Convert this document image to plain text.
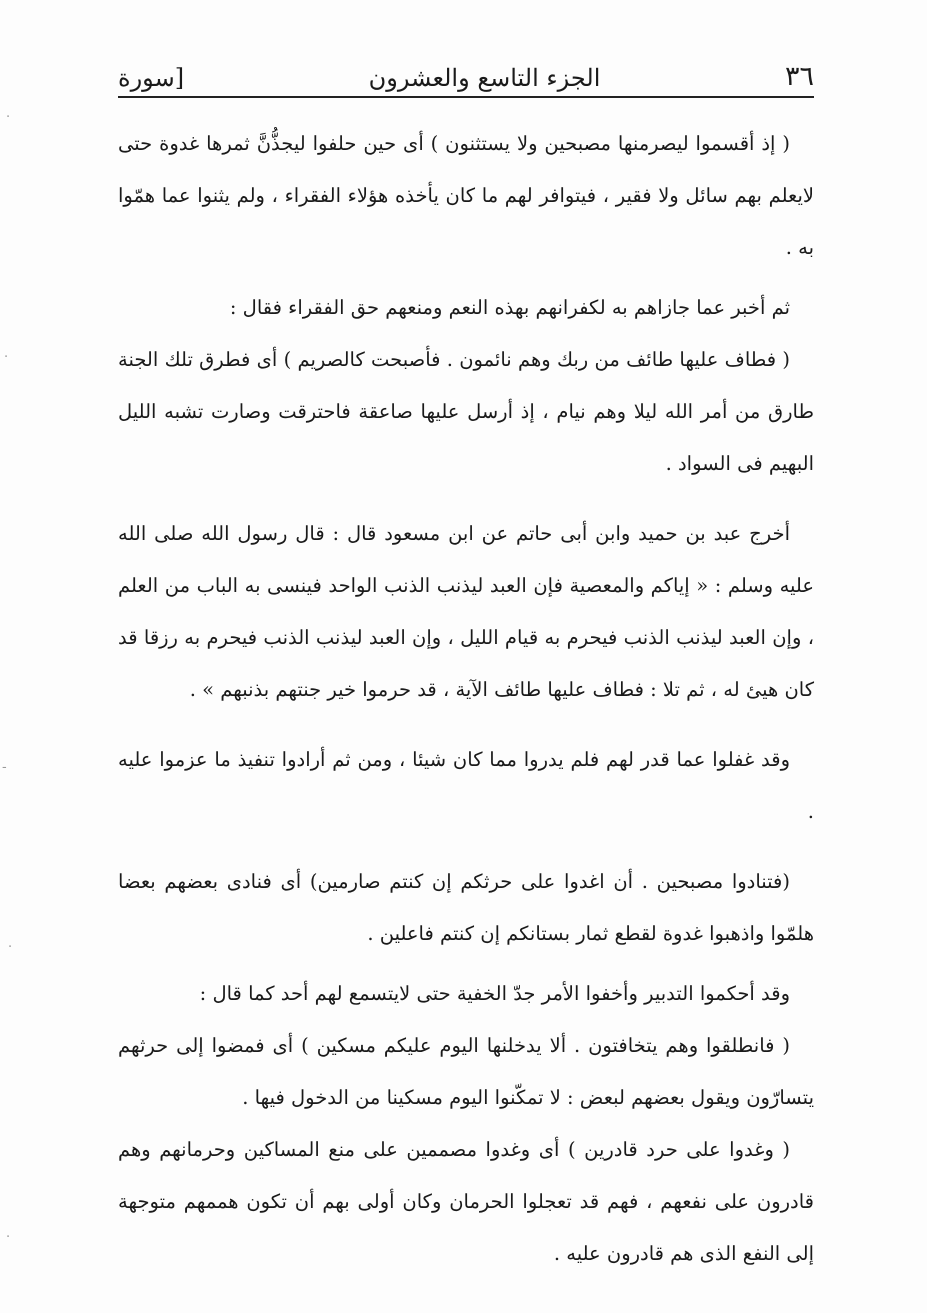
٣٦
الجزء التاسع والعشرون
[سورة

( إذ أقسموا ليصرمنها مصبحين ولا يستثنون ) أى حين حلفوا ليجذُّنَّ ثمرها غدوة حتى لايعلم بهم سائل ولا فقير ، فيتوافر لهم ما كان يأخذه هؤلاء الفقراء ، ولم يثنوا عما همّوا به .

ثم أخبر عما جازاهم به لكفرانهم بهذه النعم ومنعهم حق الفقراء فقال :

( فطاف عليها طائف من ربك وهم نائمون . فأصبحت كالصريم ) أى فطرق تلك الجنة طارق من أمر الله ليلا وهم نيام ، إذ أرسل عليها صاعقة فاحترقت وصارت تشبه الليل البهيم فى السواد .

أخرج عبد بن حميد وابن أبى حاتم عن ابن مسعود قال : قال رسول الله صلى الله عليه وسلم : « إياكم والمعصية فإن العبد ليذنب الذنب الواحد فينسى به الباب من العلم ، وإن العبد ليذنب الذنب فيحرم به قيام الليل ، وإن العبد ليذنب الذنب فيحرم به رزقا قد كان هيئ له ، ثم تلا : فطاف عليها طائف الآية ، قد حرموا خير جنتهم بذنبهم » .

وقد غفلوا عما قدر لهم فلم يدروا مما كان شيئا ، ومن ثم أرادوا تنفيذ ما عزموا عليه .

(فتنادوا مصبحين . أن اغدوا على حرثكم إن كنتم صارمين) أى فنادى بعضهم بعضا هلمّوا واذهبوا غدوة لقطع ثمار بستانكم إن كنتم فاعلين .

وقد أحكموا التدبير وأخفوا الأمر جدّ الخفية حتى لايتسمع لهم أحد كما قال :

( فانطلقوا وهم يتخافتون . ألا يدخلنها اليوم عليكم مسكين ) أى فمضوا إلى حرثهم يتسارّون ويقول بعضهم لبعض : لا تمكّنوا اليوم مسكينا من الدخول فيها .

( وغدوا على حرد قادرين ) أى وغدوا مصممين على منع المساكين وحرمانهم وهم قادرون على نفعهم ، فهم قد تعجلوا الحرمان وكان أولى بهم أن تكون هممهم متوجهة إلى النفع الذى هم قادرون عليه .

·
·
-
·
·
